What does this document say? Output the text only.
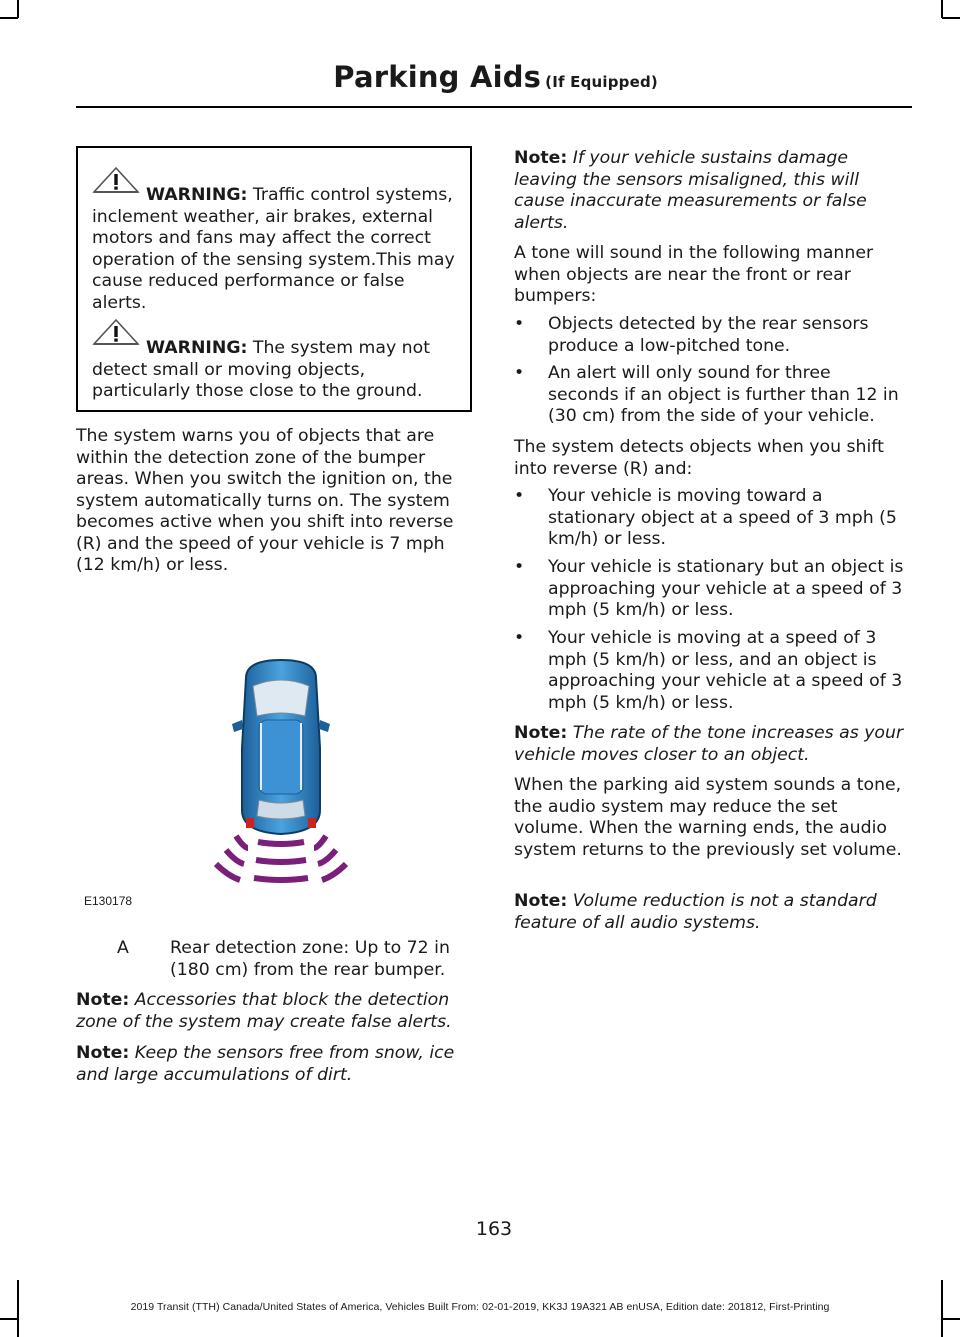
Parking Aids (If Equipped)
WARNING: Traffic control systems, inclement weather, air brakes, external motors and fans may affect the correct operation of the sensing system.This may cause reduced performance or false alerts.
WARNING: The system may not detect small or moving objects, particularly those close to the ground.

The system warns you of objects that are within the detection zone of the bumper areas. When you switch the ignition on, the system automatically turns on. The system becomes active when you shift into reverse (R) and the speed of your vehicle is 7 mph (12 km/h) or less.

E130178
A Rear detection zone: Up to 72 in (180 cm) from the rear bumper.
Note: Accessories that block the detection zone of the system may create false alerts.
Note: Keep the sensors free from snow, ice and large accumulations of dirt.
Note: If your vehicle sustains damage leaving the sensors misaligned, this will cause inaccurate measurements or false alerts.

A tone will sound in the following manner when objects are near the front or rear bumpers:

• Objects detected by the rear sensors produce a low-pitched tone.
• An alert will only sound for three seconds if an object is further than 12 in (30 cm) from the side of your vehicle.

The system detects objects when you shift into reverse (R) and:

• Your vehicle is moving toward a stationary object at a speed of 3 mph (5 km/h) or less.
• Your vehicle is stationary but an object is approaching your vehicle at a speed of 3 mph (5 km/h) or less.
• Your vehicle is moving at a speed of 3 mph (5 km/h) or less, and an object is approaching your vehicle at a speed of 3 mph (5 km/h) or less.
Note: The rate of the tone increases as your vehicle moves closer to an object.

When the parking aid system sounds a tone, the audio system may reduce the set volume. When the warning ends, the audio system returns to the previously set volume.

Note: Volume reduction is not a standard feature of all audio systems.
163
2019 Transit (TTH) Canada/United States of America, Vehicles Built From: 02-01-2019, KK3J 19A321 AB enUSA, Edition date: 201812, First-Printing
